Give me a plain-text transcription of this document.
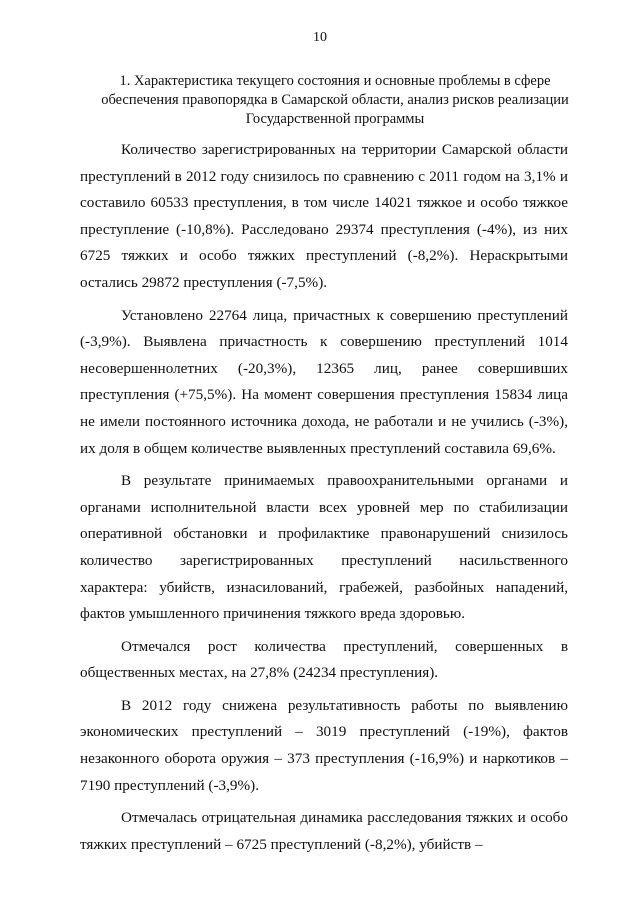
10
1. Характеристика текущего состояния и основные проблемы в сфере обеспечения правопорядка в Самарской области, анализ рисков реализации Государственной программы

Количество зарегистрированных на территории Самарской области преступлений в 2012 году снизилось по сравнению с 2011 годом на 3,1% и составило 60533 преступления, в том числе 14021 тяжкое и особо тяжкое преступление (-10,8%). Расследовано 29374 преступления (-4%), из них 6725 тяжких и особо тяжких преступлений (-8,2%). Нераскрытыми остались 29872 преступления (-7,5%).

Установлено 22764 лица, причастных к совершению преступлений (-3,9%). Выявлена причастность к совершению преступлений 1014 несовершеннолетних (-20,3%), 12365 лиц, ранее совершивших преступления (+75,5%). На момент совершения преступления 15834 лица не имели постоянного источника дохода, не работали и не учились (-3%), их доля в общем количестве выявленных преступлений составила 69,6%.

В результате принимаемых правоохранительными органами и органами исполнительной власти всех уровней мер по стабилизации оперативной обстановки и профилактике правонарушений снизилось количество зарегистрированных преступлений насильственного характера: убийств, изнасилований, грабежей, разбойных нападений, фактов умышленного причинения тяжкого вреда здоровью.

Отмечался рост количества преступлений, совершенных в общественных местах, на 27,8% (24234 преступления).

В 2012 году снижена результативность работы по выявлению экономических преступлений – 3019 преступлений (-19%), фактов незаконного оборота оружия – 373 преступления (-16,9%) и наркотиков – 7190 преступлений (-3,9%).

Отмечалась отрицательная динамика расследования тяжких и особо тяжких преступлений – 6725 преступлений (-8,2%), убийств –
